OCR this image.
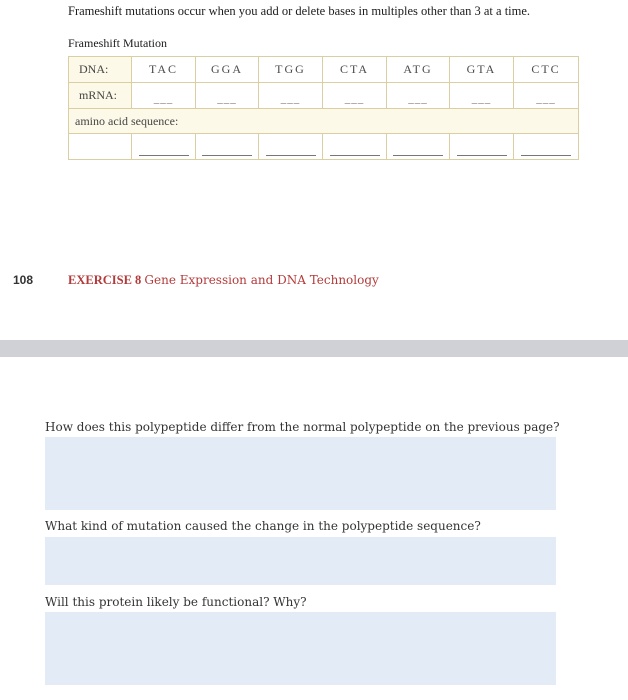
Frameshift mutations occur when you add or delete bases in multiples other than 3 at a time.
Frameshift Mutation
DNA:	TAC	GGA	TGG	CTA	ATG	GTA	CTC
mRNA:	___	___	___	___	___	___	___
amino acid sequence:							

108	EXERCISE 8 Gene Expression and DNA Technology
How does this polypeptide differ from the normal polypeptide on the previous page?
What kind of mutation caused the change in the polypeptide sequence?
Will this protein likely be functional? Why?
